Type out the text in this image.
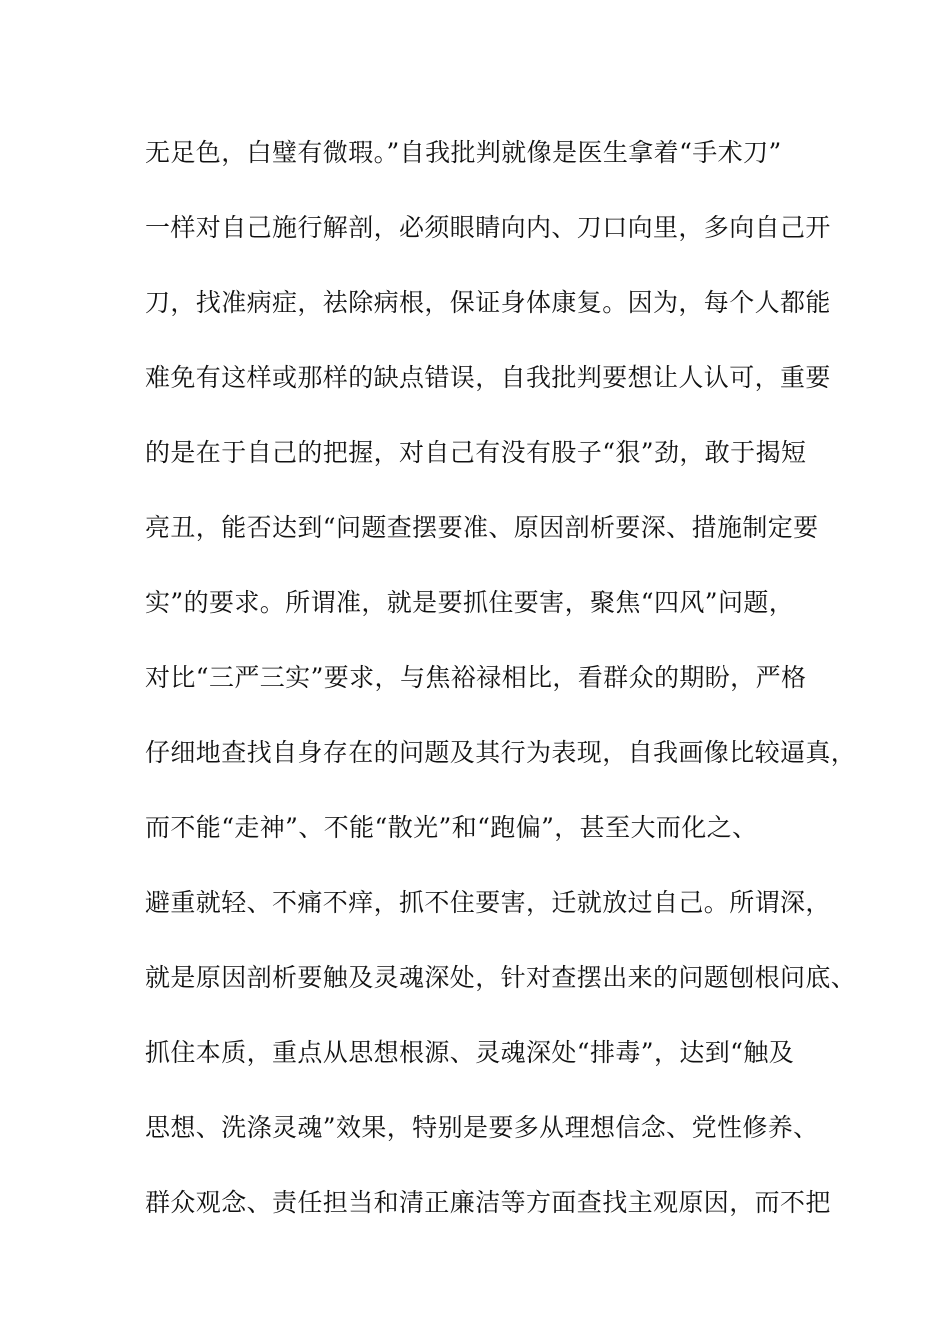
无足色，白璧有微瑕。”自我批判就像是医生拿着“手术刀”
一样对自己施行解剖，必须眼睛向内、刀口向里，多向自己开
刀，找准病症，祛除病根，保证身体康复。因为，每个人都能
难免有这样或那样的缺点错误，自我批判要想让人认可，重要
的是在于自己的把握，对自己有没有股子“狠”劲，敢于揭短
亮丑，能否达到“问题查摆要准、原因剖析要深、措施制定要
实”的要求。所谓准，就是要抓住要害，聚焦“四风”问题，
对比“三严三实”要求，与焦裕禄相比，看群众的期盼，严格
仔细地查找自身存在的问题及其行为表现，自我画像比较逼真，
而不能“走神”、不能“散光”和“跑偏”，甚至大而化之、
避重就轻、不痛不痒，抓不住要害，迁就放过自己。所谓深，
就是原因剖析要触及灵魂深处，针对查摆出来的问题刨根问底、
抓住本质，重点从思想根源、灵魂深处“排毒”，达到“触及
思想、洗涤灵魂”效果，特别是要多从理想信念、党性修养、
群众观念、责任担当和清正廉洁等方面查找主观原因，而不把
